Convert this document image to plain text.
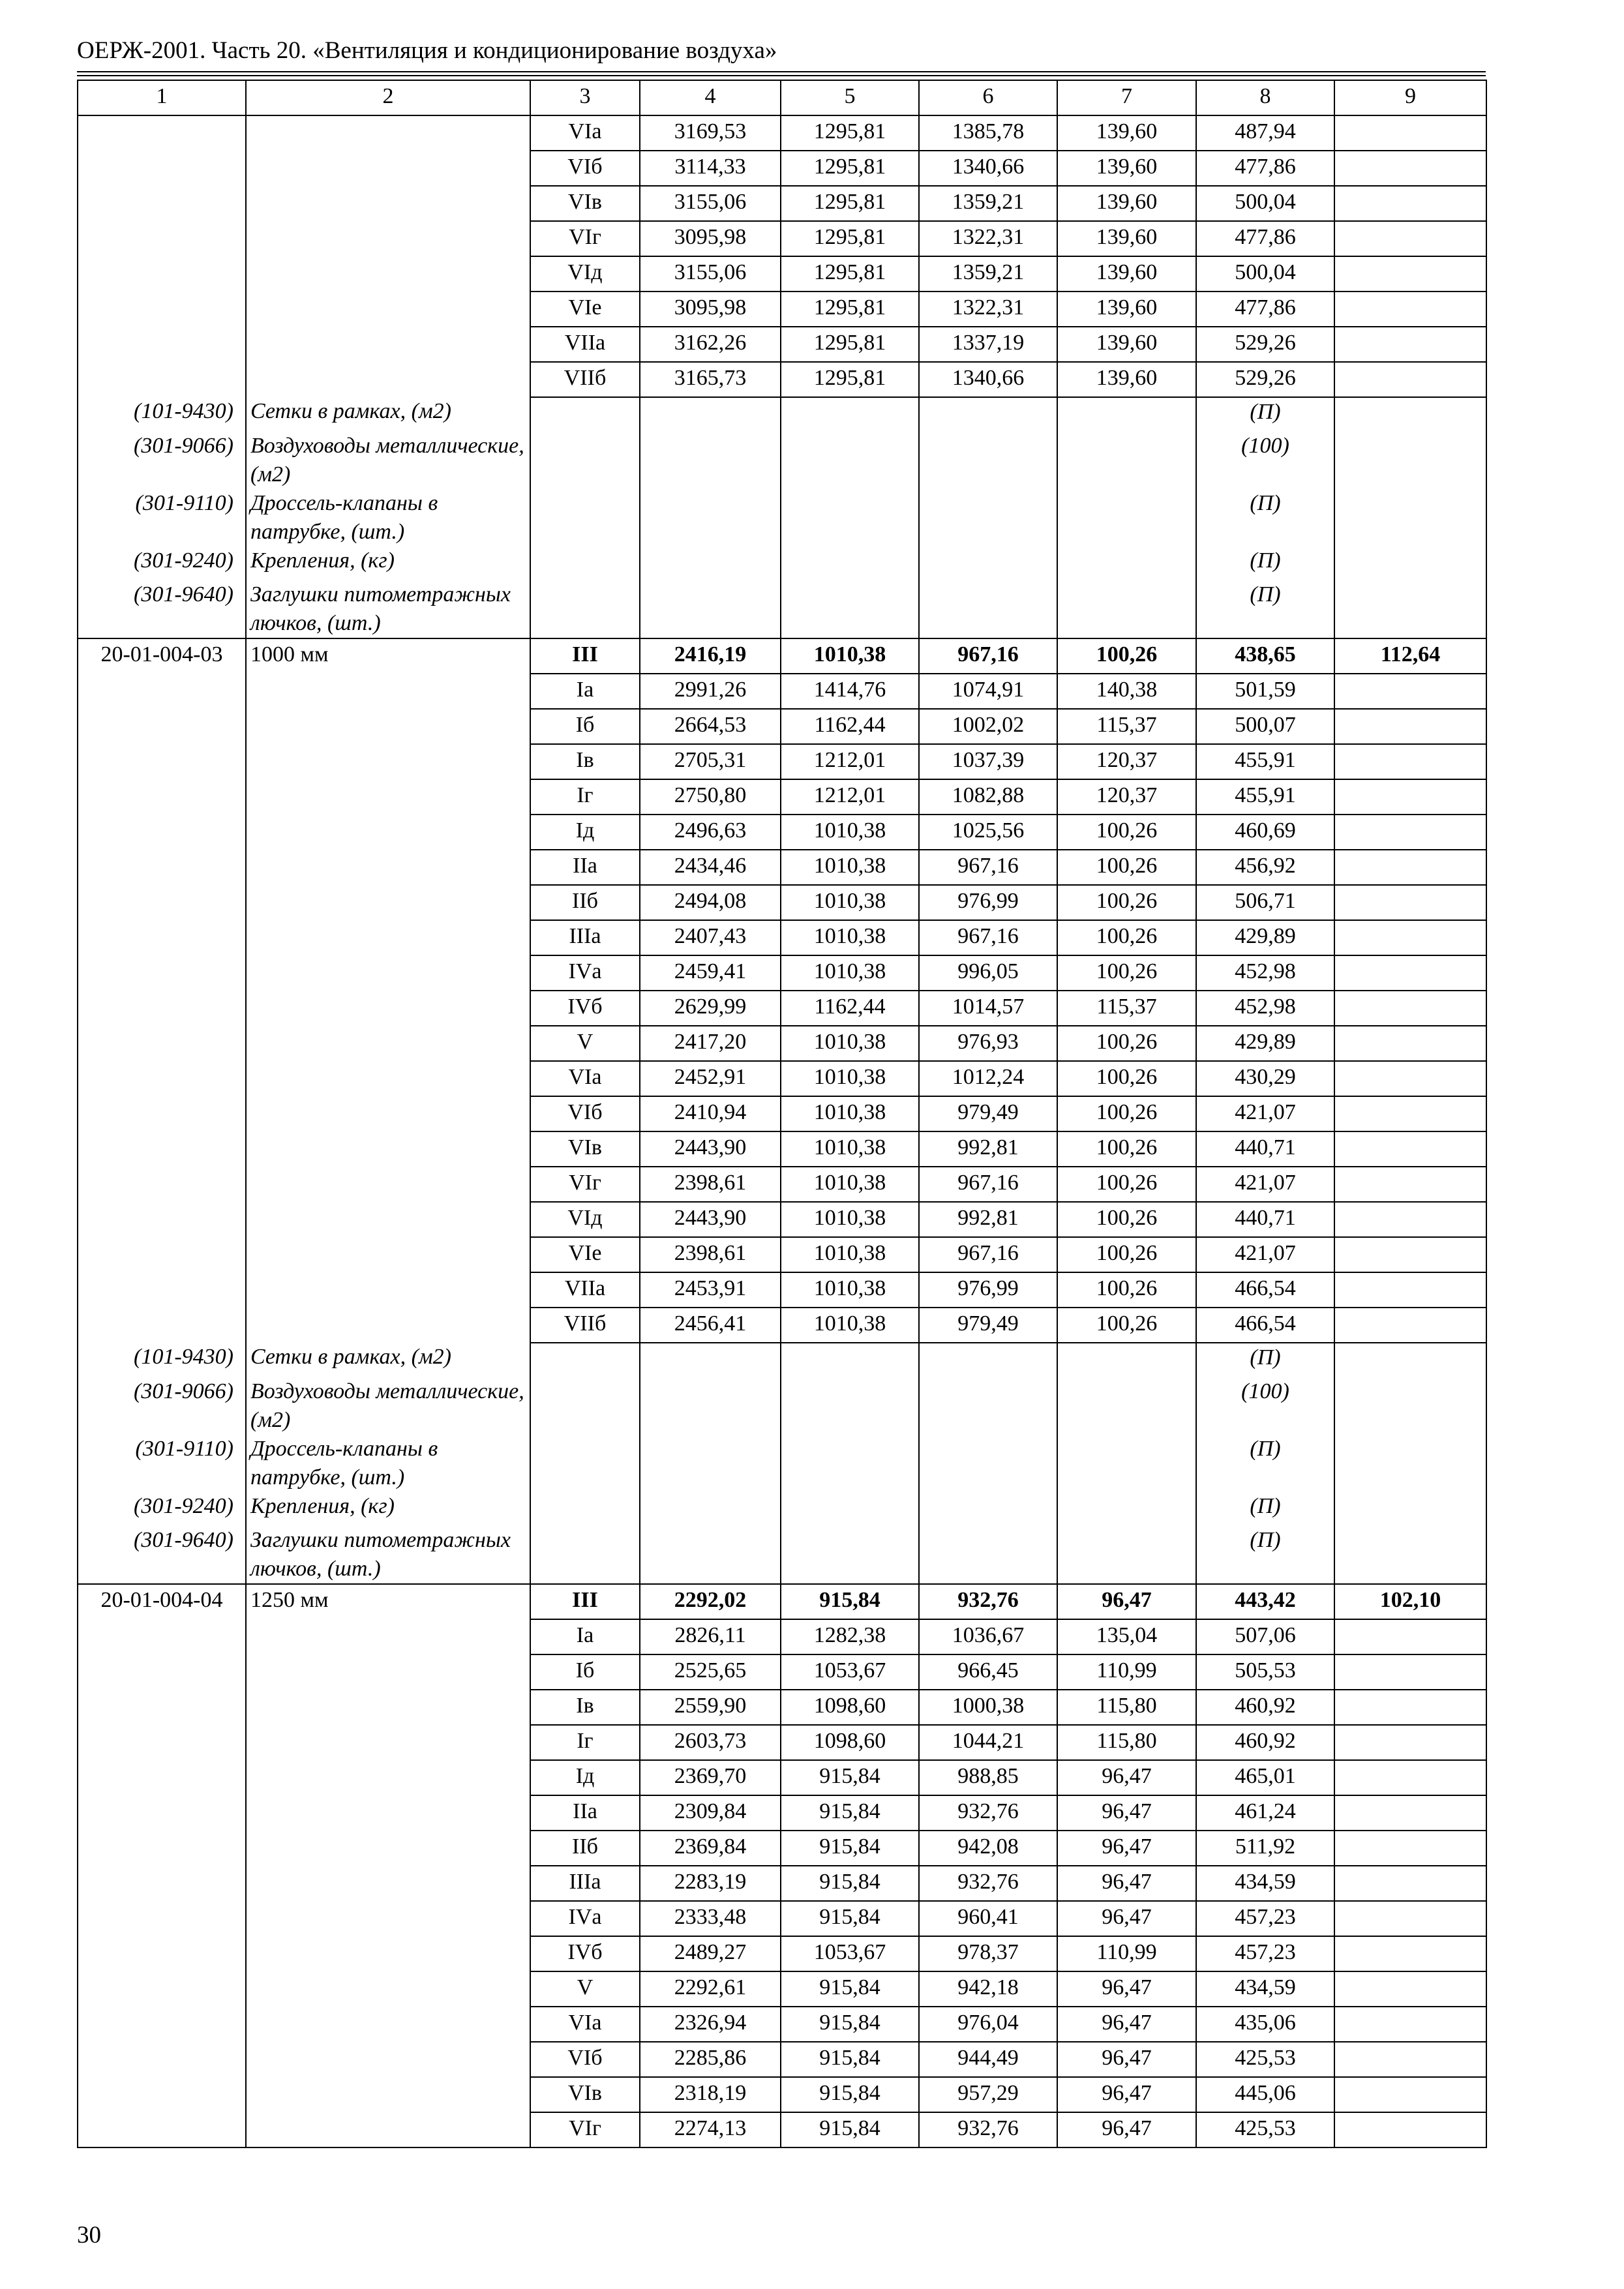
ОЕРЖ-2001. Часть 20. «Вентиляция и кондиционирование воздуха»
1	2	3	4	5	6	7	8	9
		VIа	3169,53	1295,81	1385,78	139,60	487,94	
		VIб	3114,33	1295,81	1340,66	139,60	477,86	
		VIв	3155,06	1295,81	1359,21	139,60	500,04	
		VIг	3095,98	1295,81	1322,31	139,60	477,86	
		VIд	3155,06	1295,81	1359,21	139,60	500,04	
		VIе	3095,98	1295,81	1322,31	139,60	477,86	
		VIIа	3162,26	1295,81	1337,19	139,60	529,26	
		VIIб	3165,73	1295,81	1340,66	139,60	529,26	
(101-9430)	Сетки в рамках, (м2)						(П)	
(301-9066)	Воздуховоды металлические, (м2)						(100)	
(301-9110)	Дроссель-клапаны в патрубке, (шт.)						(П)	
(301-9240)	Крепления, (кг)						(П)	
(301-9640)	Заглушки питометражных лючков, (шт.)						(П)	
20-01-004-03	1000 мм	III	2416,19	1010,38	967,16	100,26	438,65	112,64
		Iа	2991,26	1414,76	1074,91	140,38	501,59	
		Iб	2664,53	1162,44	1002,02	115,37	500,07	
		Iв	2705,31	1212,01	1037,39	120,37	455,91	
		Iг	2750,80	1212,01	1082,88	120,37	455,91	
		Iд	2496,63	1010,38	1025,56	100,26	460,69	
		IIа	2434,46	1010,38	967,16	100,26	456,92	
		IIб	2494,08	1010,38	976,99	100,26	506,71	
		IIIа	2407,43	1010,38	967,16	100,26	429,89	
		IVа	2459,41	1010,38	996,05	100,26	452,98	
		IVб	2629,99	1162,44	1014,57	115,37	452,98	
		V	2417,20	1010,38	976,93	100,26	429,89	
		VIа	2452,91	1010,38	1012,24	100,26	430,29	
		VIб	2410,94	1010,38	979,49	100,26	421,07	
		VIв	2443,90	1010,38	992,81	100,26	440,71	
		VIг	2398,61	1010,38	967,16	100,26	421,07	
		VIд	2443,90	1010,38	992,81	100,26	440,71	
		VIе	2398,61	1010,38	967,16	100,26	421,07	
		VIIа	2453,91	1010,38	976,99	100,26	466,54	
		VIIб	2456,41	1010,38	979,49	100,26	466,54	
(101-9430)	Сетки в рамках, (м2)						(П)	
(301-9066)	Воздуховоды металлические, (м2)						(100)	
(301-9110)	Дроссель-клапаны в патрубке, (шт.)						(П)	
(301-9240)	Крепления, (кг)						(П)	
(301-9640)	Заглушки питометражных лючков, (шт.)						(П)	
20-01-004-04	1250 мм	III	2292,02	915,84	932,76	96,47	443,42	102,10
		Iа	2826,11	1282,38	1036,67	135,04	507,06	
		Iб	2525,65	1053,67	966,45	110,99	505,53	
		Iв	2559,90	1098,60	1000,38	115,80	460,92	
		Iг	2603,73	1098,60	1044,21	115,80	460,92	
		Iд	2369,70	915,84	988,85	96,47	465,01	
		IIа	2309,84	915,84	932,76	96,47	461,24	
		IIб	2369,84	915,84	942,08	96,47	511,92	
		IIIа	2283,19	915,84	932,76	96,47	434,59	
		IVа	2333,48	915,84	960,41	96,47	457,23	
		IVб	2489,27	1053,67	978,37	110,99	457,23	
		V	2292,61	915,84	942,18	96,47	434,59	
		VIа	2326,94	915,84	976,04	96,47	435,06	
		VIб	2285,86	915,84	944,49	96,47	425,53	
		VIв	2318,19	915,84	957,29	96,47	445,06	
		VIг	2274,13	915,84	932,76	96,47	425,53	
30
